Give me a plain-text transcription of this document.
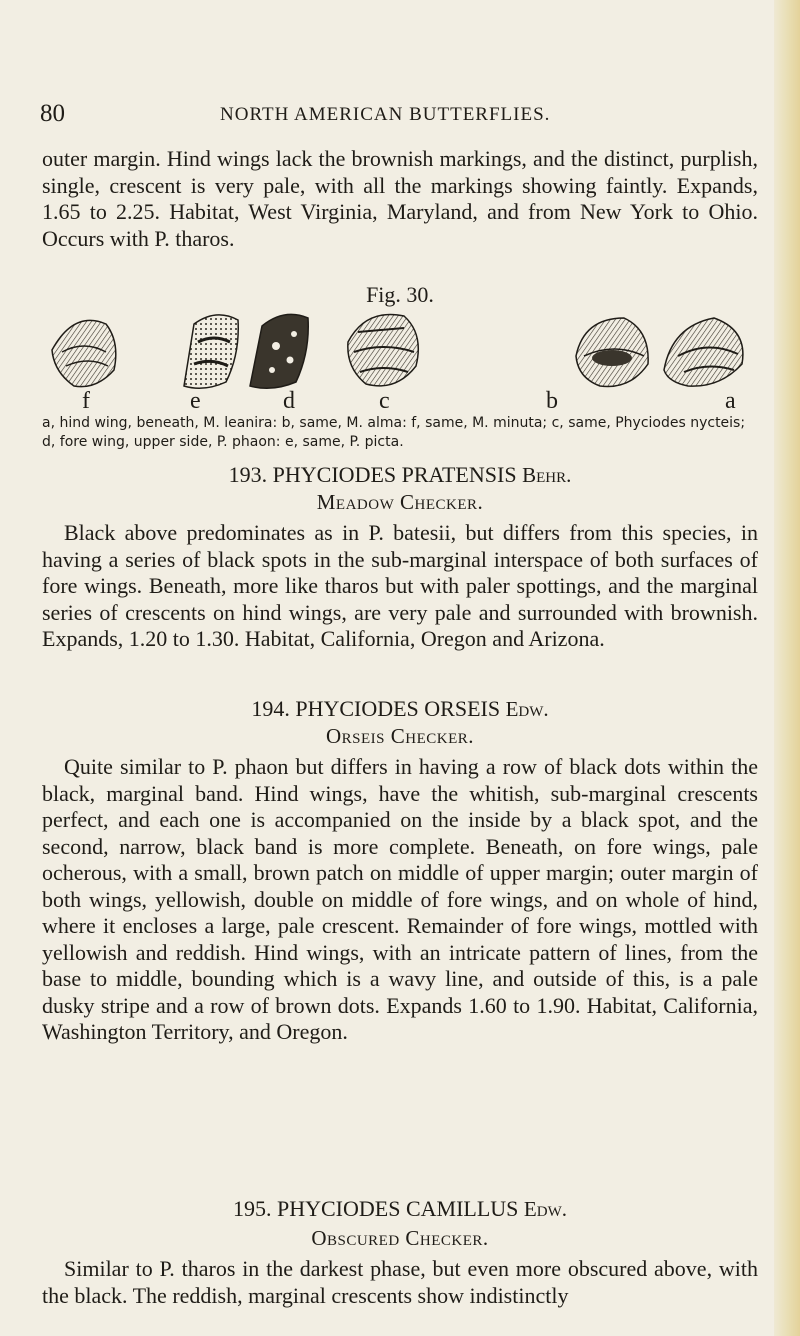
80	NORTH AMERICAN BUTTERFLIES.
outer margin. Hind wings lack the brownish markings, and the distinct, purplish, single, crescent is very pale, with all the markings showing faintly. Expands, 1.65 to 2.25. Habitat, West Virginia, Maryland, and from New York to Ohio. Occurs with P. tharos.
Fig. 30.
f	e	d	c	b	a
a, hind wing, beneath, M. leanira: b, same, M. alma: f, same, M. minuta; c, same, Phyciodes nycteis; d, fore wing, upper side, P. phaon: e, same, P. picta.
193. PHYCIODES PRATENSIS Behr.
Meadow Checker.
Black above predominates as in P. batesii, but differs from this species, in having a series of black spots in the sub-marginal interspace of both surfaces of fore wings. Beneath, more like tharos but with paler spottings, and the marginal series of crescents on hind wings, are very pale and surrounded with brownish. Expands, 1.20 to 1.30. Habitat, California, Oregon and Arizona.
194. PHYCIODES ORSEIS Edw.
Orseis Checker.
Quite similar to P. phaon but differs in having a row of black dots within the black, marginal band. Hind wings, have the whitish, sub-marginal crescents perfect, and each one is accompanied on the inside by a black spot, and the second, narrow, black band is more complete. Beneath, on fore wings, pale ocherous, with a small, brown patch on middle of upper margin; outer margin of both wings, yellowish, double on middle of fore wings, and on whole of hind, where it encloses a large, pale crescent. Remainder of fore wings, mottled with yellowish and reddish. Hind wings, with an intricate pattern of lines, from the base to middle, bounding which is a wavy line, and outside of this, is a pale dusky stripe and a row of brown dots. Expands 1.60 to 1.90. Habitat, California, Washington Territory, and Oregon.
195. PHYCIODES CAMILLUS Edw.
Obscured Checker.
Similar to P. tharos in the darkest phase, but even more obscured above, with the black. The reddish, marginal crescents show indistinctly
